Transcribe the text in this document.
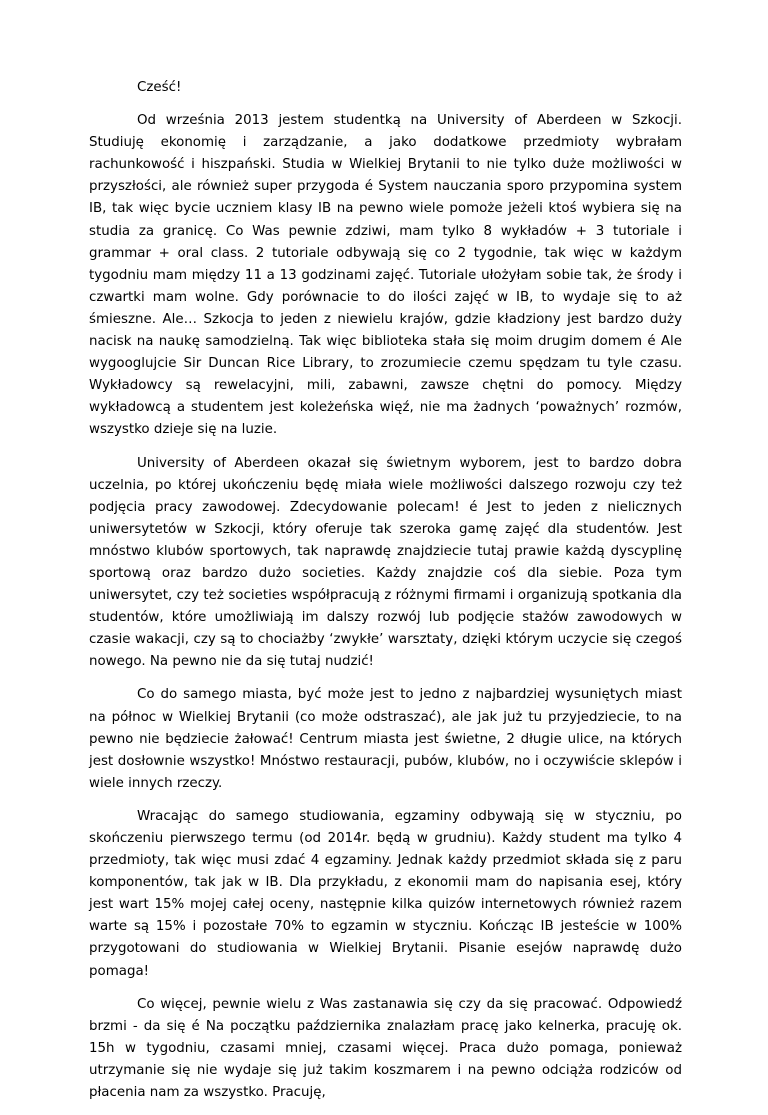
Cześć!

Od września 2013 jestem studentką na University of Aberdeen w Szkocji. Studiuję ekonomię i zarządzanie, a jako dodatkowe przedmioty wybrałam rachunkowość i hiszpański. Studia w Wielkiej Brytanii to nie tylko duże możliwości w przyszłości, ale również super przygoda é System nauczania sporo przypomina system IB, tak więc bycie uczniem klasy IB na pewno wiele pomoże jeżeli ktoś wybiera się na studia za granicę. Co Was pewnie zdziwi, mam tylko 8 wykładów + 3 tutoriale i grammar + oral class. 2 tutoriale odbywają się co 2 tygodnie, tak więc w każdym tygodniu mam między 11 a 13 godzinami zajęć. Tutoriale ułożyłam sobie tak, że środy i czwartki mam wolne. Gdy porównacie to do ilości zajęć w IB, to wydaje się to aż śmieszne. Ale… Szkocja to jeden z niewielu krajów, gdzie kładziony jest bardzo duży nacisk na naukę samodzielną. Tak więc biblioteka stała się moim drugim domem é Ale wygooglujcie Sir Duncan Rice Library, to zrozumiecie czemu spędzam tu tyle czasu. Wykładowcy są rewelacyjni, mili, zabawni, zawsze chętni do pomocy. Między wykładowcą a studentem jest koleżeńska więź, nie ma żadnych ‘poważnych’ rozmów, wszystko dzieje się na luzie.

University of Aberdeen okazał się świetnym wyborem, jest to bardzo dobra uczelnia, po której ukończeniu będę miała wiele możliwości dalszego rozwoju czy też podjęcia pracy zawodowej. Zdecydowanie polecam! é Jest to jeden z nielicznych uniwersytetów w Szkocji, który oferuje tak szeroka gamę zajęć dla studentów. Jest mnóstwo klubów sportowych, tak naprawdę znajdziecie tutaj prawie każdą dyscyplinę sportową oraz bardzo dużo societies. Każdy znajdzie coś dla siebie. Poza tym uniwersytet, czy też societies współpracują z różnymi firmami i organizują spotkania dla studentów, które umożliwiają im dalszy rozwój lub podjęcie stażów zawodowych w czasie wakacji, czy są to chociażby ‘zwykłe’ warsztaty, dzięki którym uczycie się czegoś nowego. Na pewno nie da się tutaj nudzić!

Co do samego miasta, być może jest to jedno z najbardziej wysuniętych miast na północ w Wielkiej Brytanii (co może odstraszać), ale jak już tu przyjedziecie, to na pewno nie będziecie żałować! Centrum miasta jest świetne, 2 długie ulice, na których jest dosłownie wszystko! Mnóstwo restauracji, pubów, klubów, no i oczywiście sklepów i wiele innych rzeczy.

Wracając do samego studiowania, egzaminy odbywają się w styczniu, po skończeniu pierwszego termu (od 2014r. będą w grudniu). Każdy student ma tylko 4 przedmioty, tak więc musi zdać 4 egzaminy. Jednak każdy przedmiot składa się z paru komponentów, tak jak w IB. Dla przykładu, z ekonomii mam do napisania esej, który jest wart 15% mojej całej oceny, następnie kilka quizów internetowych również razem warte są 15% i pozostałe 70% to egzamin w styczniu. Kończąc IB jesteście w 100% przygotowani do studiowania w Wielkiej Brytanii. Pisanie esejów naprawdę dużo pomaga!

Co więcej, pewnie wielu z Was zastanawia się czy da się pracować. Odpowiedź brzmi - da się é Na początku października znalazłam pracę jako kelnerka, pracuję ok. 15h w tygodniu, czasami mniej, czasami więcej. Praca dużo pomaga, ponieważ utrzymanie się nie wydaje się już takim koszmarem i na pewno odciąża rodziców od płacenia nam za wszystko. Pracuję,
